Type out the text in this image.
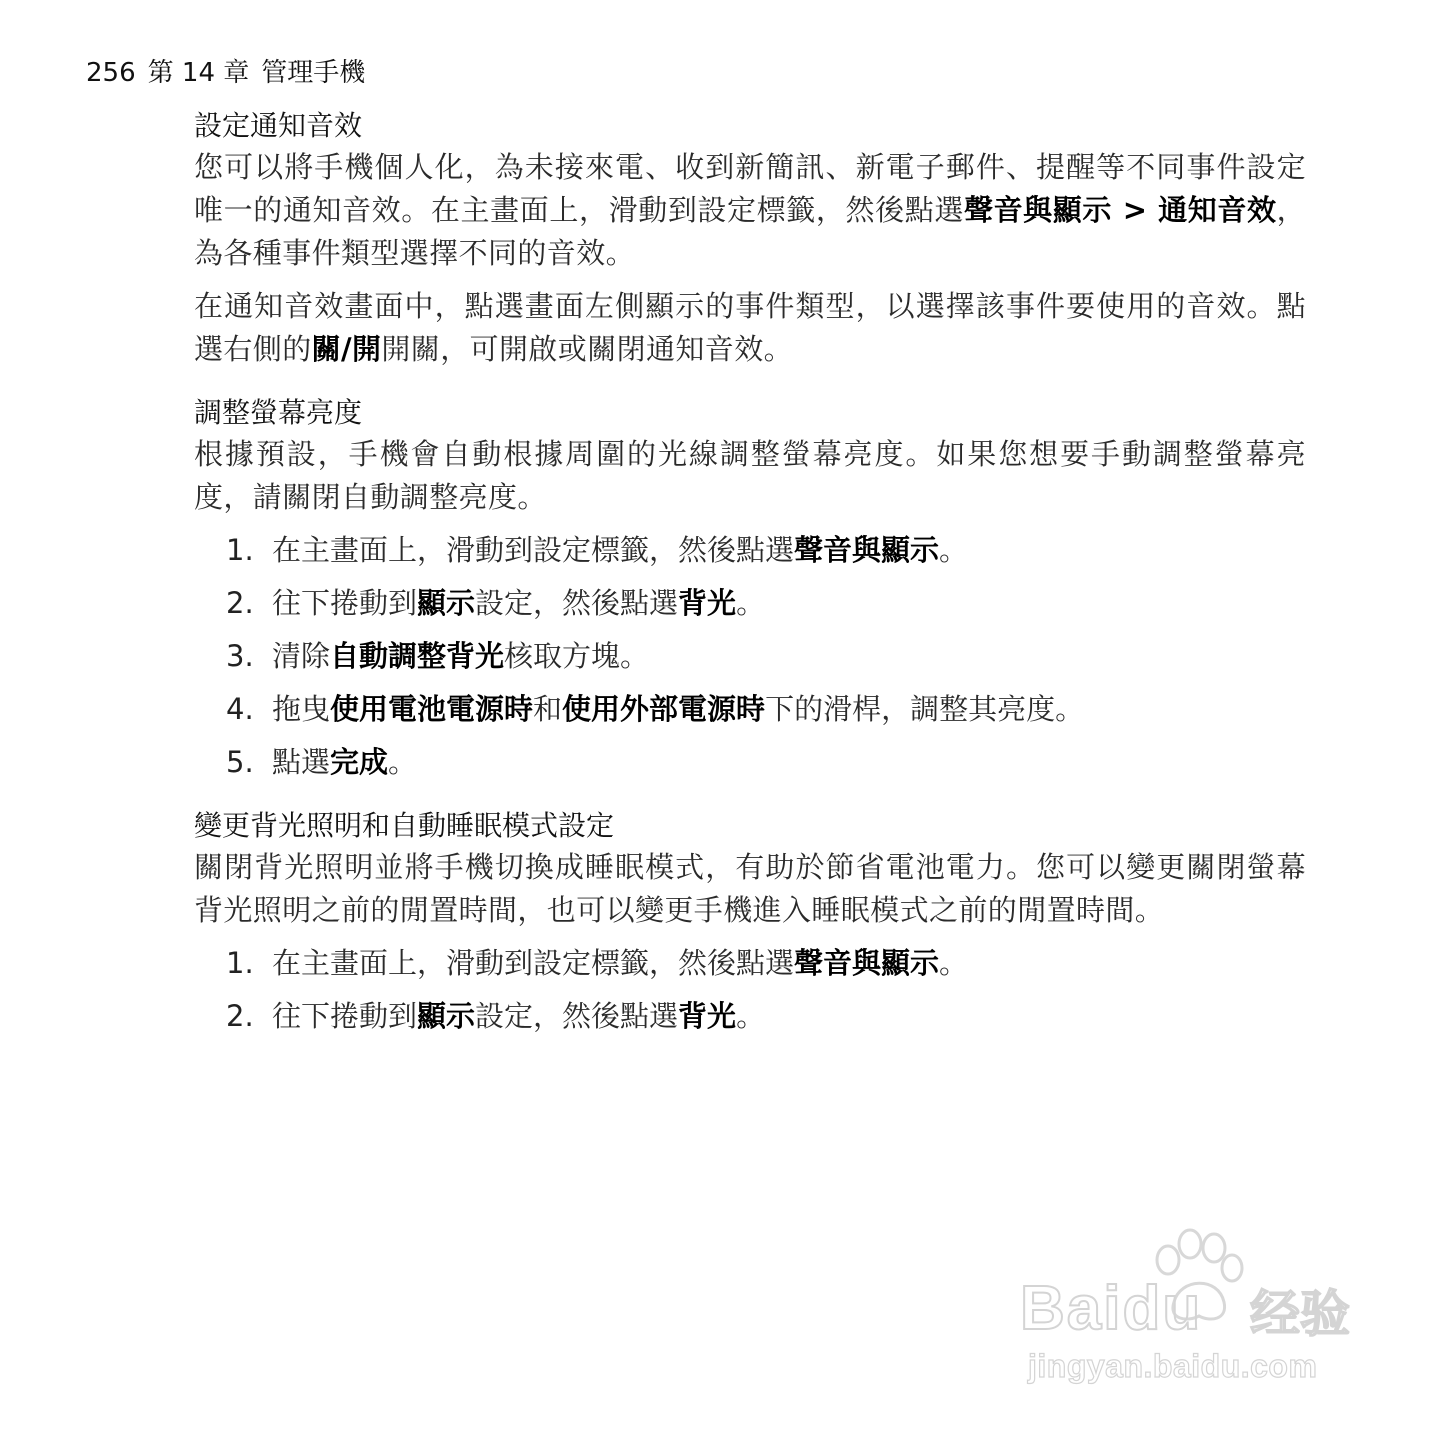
256 第 14 章 管理手機
設定通知音效

您可以將手機個人化，為未接來電、收到新簡訊、新電子郵件、提醒等不同事件設定唯一的通知音效。在主畫面上，滑動到設定標籤，然後點選聲音與顯示 > 通知音效，為各種事件類型選擇不同的音效。

在通知音效畫面中，點選畫面左側顯示的事件類型，以選擇該事件要使用的音效。點選右側的關/開開關，可開啟或關閉通知音效。

調整螢幕亮度

根據預設，手機會自動根據周圍的光線調整螢幕亮度。如果您想要手動調整螢幕亮度，請關閉自動調整亮度。

1. 在主畫面上，滑動到設定標籤，然後點選聲音與顯示。
2. 往下捲動到顯示設定，然後點選背光。
3. 清除自動調整背光核取方塊。
4. 拖曳使用電池電源時和使用外部電源時下的滑桿，調整其亮度。
5. 點選完成。
變更背光照明和自動睡眠模式設定

關閉背光照明並將手機切換成睡眠模式，有助於節省電池電力。您可以變更關閉螢幕背光照明之前的閒置時間，也可以變更手機進入睡眠模式之前的閒置時間。

1. 在主畫面上，滑動到設定標籤，然後點選聲音與顯示。
2. 往下捲動到顯示設定，然後點選背光。
Baidu 经验
jingyan.baidu.com
